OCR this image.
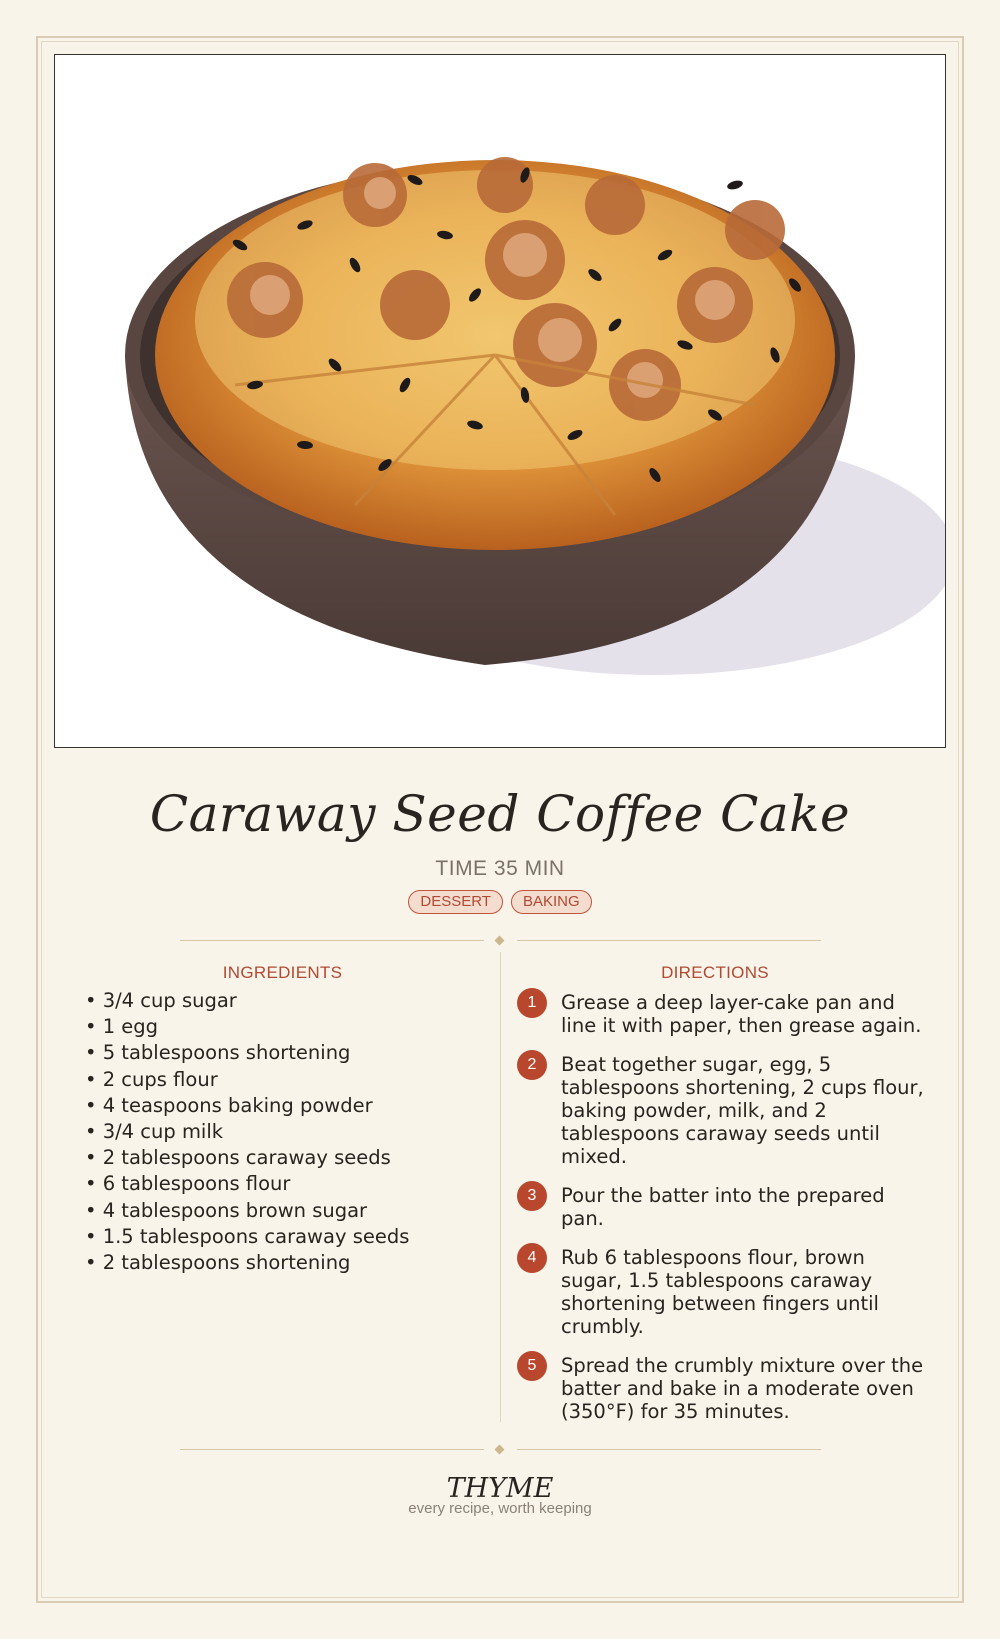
Caraway Seed Coffee Cake
TIME 35 MIN
DESSERT BAKING
INGREDIENTS	DIRECTIONS
• 3/4 cup sugar
• 1 egg
• 5 tablespoons shortening
• 2 cups flour
• 4 teaspoons baking powder
• 3/4 cup milk
• 2 tablespoons caraway seeds
• 6 tablespoons flour
• 4 tablespoons brown sugar
• 1.5 tablespoons caraway seeds
• 2 tablespoons shortening
1	Grease a deep layer-cake pan and line it with paper, then grease again.
2	Beat together sugar, egg, 5 tablespoons shortening, 2 cups flour, baking powder, milk, and 2 tablespoons caraway seeds until mixed.
3	Pour the batter into the prepared pan.
4	Rub 6 tablespoons flour, brown sugar, 1.5 tablespoons caraway shortening between fingers until crumbly.
5	Spread the crumbly mixture over the batter and bake in a moderate oven (350°F) for 35 minutes.
THYME
every recipe, worth keeping
